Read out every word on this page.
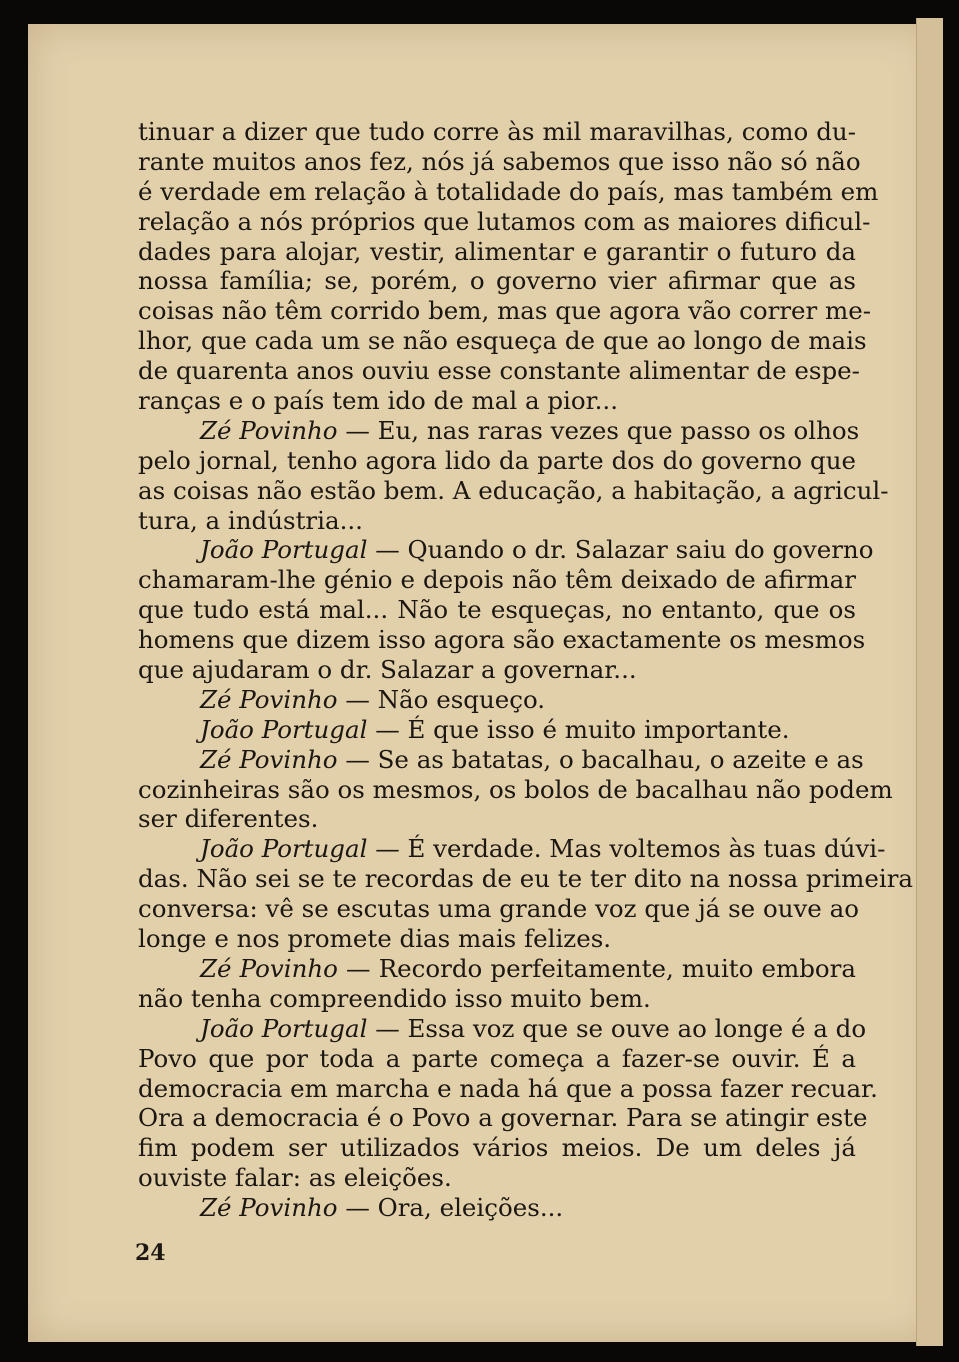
tinuar a dizer que tudo corre às mil maravilhas, como du-
rante muitos anos fez, nós já sabemos que isso não só não
é verdade em relação à totalidade do país, mas também em
relação a nós próprios que lutamos com as maiores dificul-
dades para alojar, vestir, alimentar e garantir o futuro da
nossa família; se, porém, o governo vier afirmar que as
coisas não têm corrido bem, mas que agora vão correr me-
lhor, que cada um se não esqueça de que ao longo de mais
de quarenta anos ouviu esse constante alimentar de espe-
ranças e o país tem ido de mal a pior...
Zé Povinho — Eu, nas raras vezes que passo os olhos
pelo jornal, tenho agora lido da parte dos do governo que
as coisas não estão bem. A educação, a habitação, a agricul-
tura, a indústria...
João Portugal — Quando o dr. Salazar saiu do governo
chamaram-lhe génio e depois não têm deixado de afirmar
que tudo está mal... Não te esqueças, no entanto, que os
homens que dizem isso agora são exactamente os mesmos
que ajudaram o dr. Salazar a governar...
Zé Povinho — Não esqueço.
João Portugal — É que isso é muito importante.
Zé Povinho — Se as batatas, o bacalhau, o azeite e as
cozinheiras são os mesmos, os bolos de bacalhau não podem
ser diferentes.
João Portugal — É verdade. Mas voltemos às tuas dúvi-
das. Não sei se te recordas de eu te ter dito na nossa primeira
conversa: vê se escutas uma grande voz que já se ouve ao
longe e nos promete dias mais felizes.
Zé Povinho — Recordo perfeitamente, muito embora
não tenha compreendido isso muito bem.
João Portugal — Essa voz que se ouve ao longe é a do
Povo que por toda a parte começa a fazer-se ouvir. É a
democracia em marcha e nada há que a possa fazer recuar.
Ora a democracia é o Povo a governar. Para se atingir este
fim podem ser utilizados vários meios. De um deles já
ouviste falar: as eleições.
Zé Povinho — Ora, eleições...
24
